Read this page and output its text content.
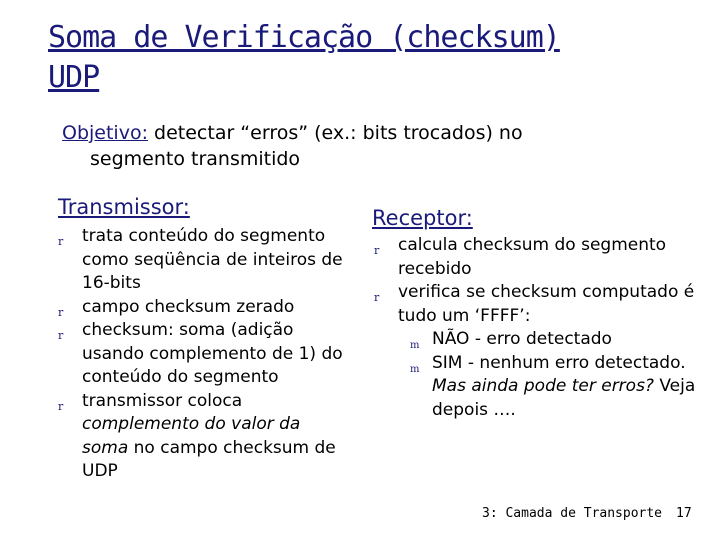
Soma de Verificação (checksum)
UDP
Objetivo: detectar “erros” (ex.: bits trocados) no
segmento transmitido
Transmissor:
r trata conteúdo do segmento como seqüência de inteiros de 16-bits
r campo checksum zerado
r checksum: soma (adição usando complemento de 1) do conteúdo do segmento
r transmissor coloca complemento do valor da soma no campo checksum de UDP
Receptor:
r calcula checksum do segmento recebido
r verifica se checksum computado é tudo um ‘FFFF’:
m NÃO - erro detectado
m SIM - nenhum erro detectado. Mas ainda pode ter erros? Veja depois ….
3: Camada de Transporte 17
